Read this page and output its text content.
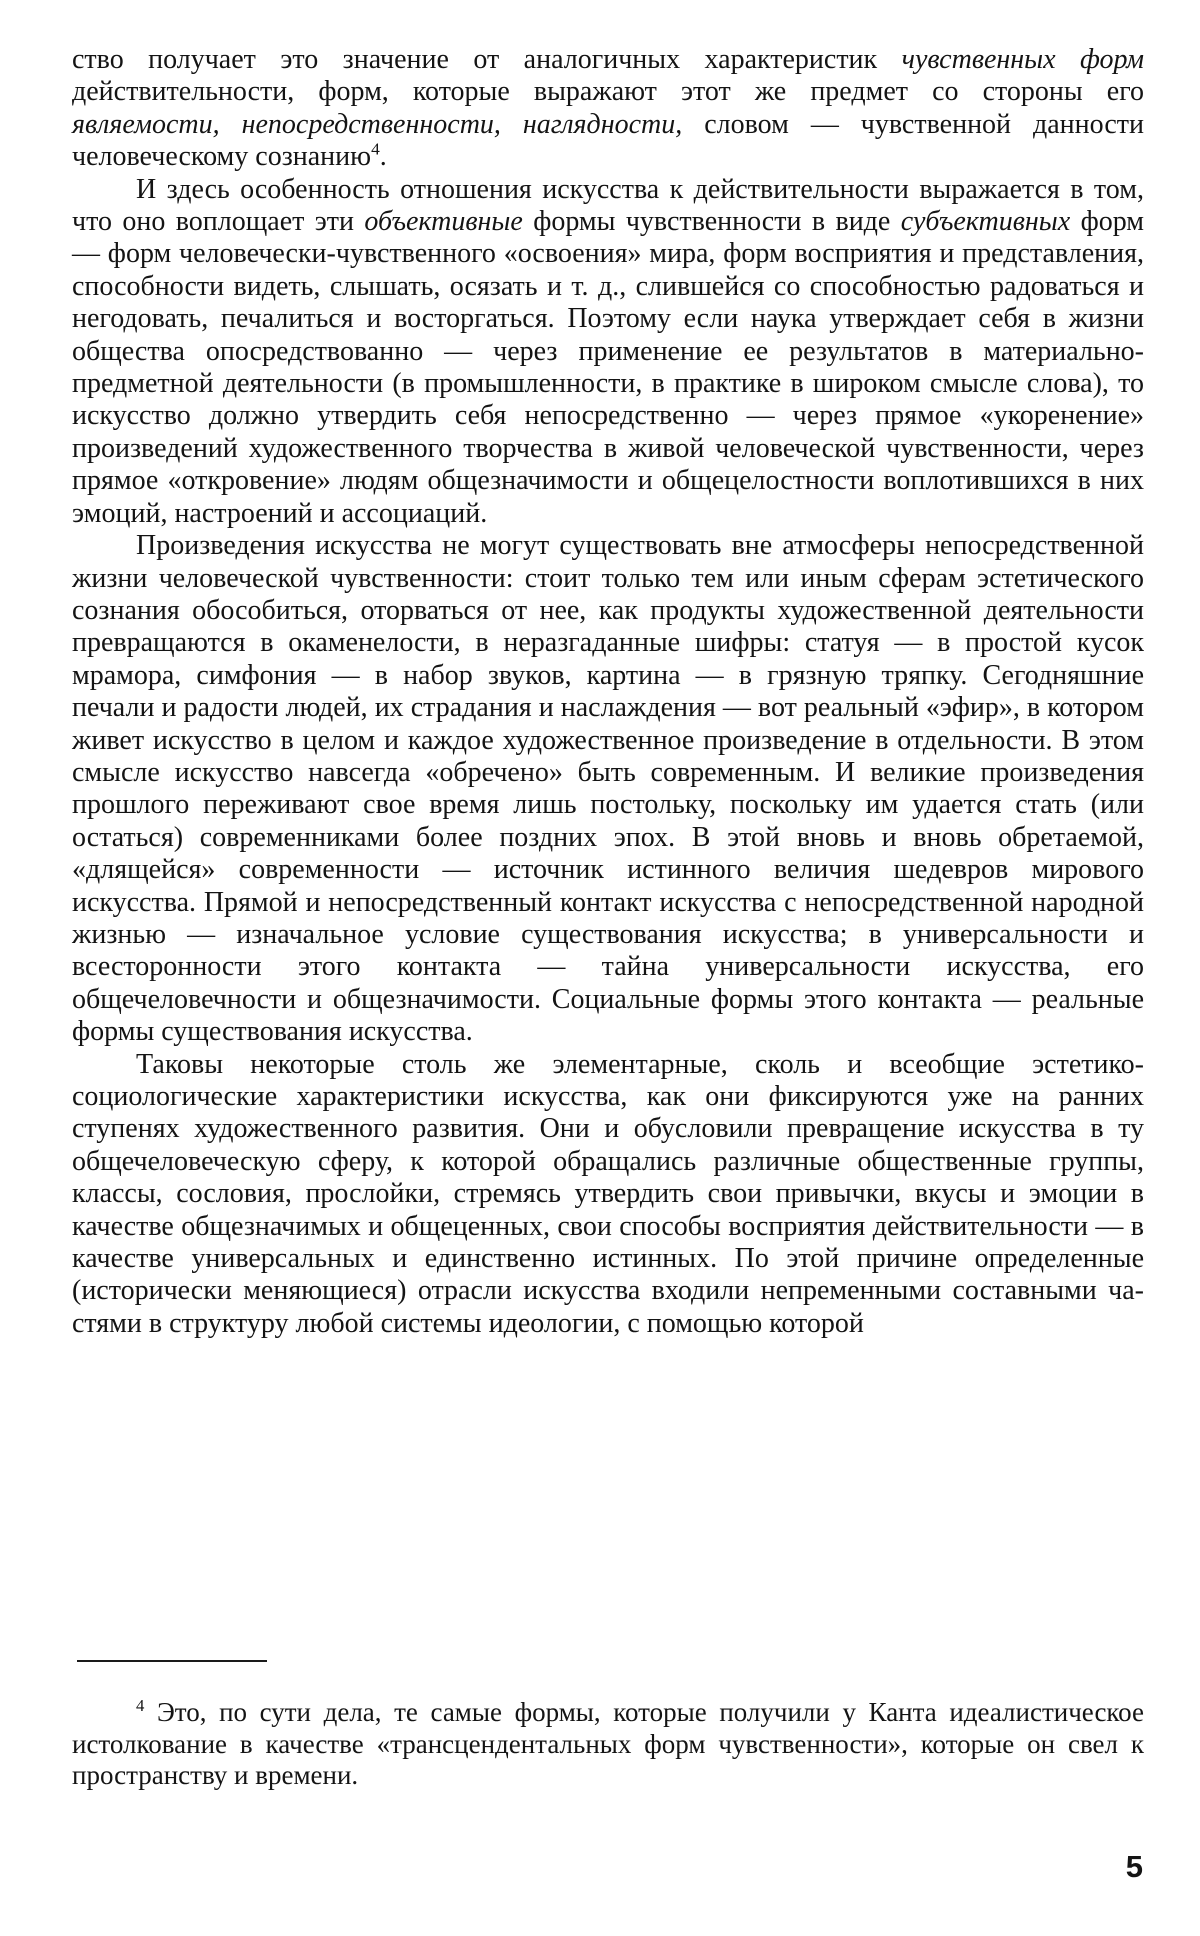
ство получает это значение от аналогичных характеристик чувственных форм действительности, форм, которые выражают этот же предмет со стороны его являемости, непосредственности, наглядности, словом — чувственной данности человеческому сознанию$^4$.

И здесь особенность отношения искусства к действительности выражается в том, что оно воплощает эти объективные формы чувственности в виде субъективных форм — форм человечески-чувственного «освоения» мира, форм восприятия и представления, способности видеть, слышать, осязать и т. д., слившейся со способностью радоваться и негодовать, печалиться и восторгаться. Поэтому если наука утверждает себя в жизни общества опосредствованно — через применение ее результатов в материально-предметной деятельности (в промышленности, в практике в широком смысле слова), то искусство должно утвердить себя непосредственно — через прямое «укоренение» произведений художественного творчества в живой человеческой чувственности, через прямое «откровение» людям общезначимости и общецелостности воплотившихся в них эмоций, настроений и ассоциаций.

Произведения искусства не могут существовать вне атмосферы непосредственной жизни человеческой чувственности: стоит только тем или иным сферам эстетического сознания обособиться, оторваться от нее, как продукты художественной деятельности превращаются в окаменелости, в неразгаданные шифры: статуя — в простой кусок мрамора, симфония — в набор звуков, картина — в грязную тряпку. Сегодняшние печали и радости людей, их страдания и наслаждения — вот реальный «эфир», в котором живет искусство в целом и каждое художественное произведение в отдельности. В этом смысле искусство навсегда «обречено» быть современным. И великие произведения прошлого переживают свое время лишь постольку, поскольку им удается стать (или остаться) современниками более поздних эпох. В этой вновь и вновь обретаемой, «длящейся» современности — источник истинного величия шедевров мирового искусства. Прямой и непосредственный контакт искусства с непосредственной народной жизнью — изначальное условие существования искусства; в универсальности и всесторонности этого контакта — тайна универсальности искусства, его общечеловечности и общезначимости. Социальные формы этого контакта — реальные формы существования искусства.

Таковы некоторые столь же элементарные, сколь и всеобщие эстетико-социологические характеристики искусства, как они фиксируются уже на ранних ступенях художественного развития. Они и обусловили превращение искусства в ту общечеловеческую сферу, к которой обращались различные общественные группы, классы, сословия, прослойки, стремясь утвердить свои привычки, вкусы и эмоции в качестве общезначимых и общеценных, свои способы восприятия действительности — в качестве универсальных и единственно истинных. По этой причине определенные (исторически меняющиеся) отрасли искусства входили непременными составными частями в структуру любой системы идеологии, с помощью которой

$^4$ Это, по сути дела, те самые формы, которые получили у Канта идеалистическое истолкование в качестве «трансцендентальных форм чувственности», которые он свел к пространству и времени.

5
